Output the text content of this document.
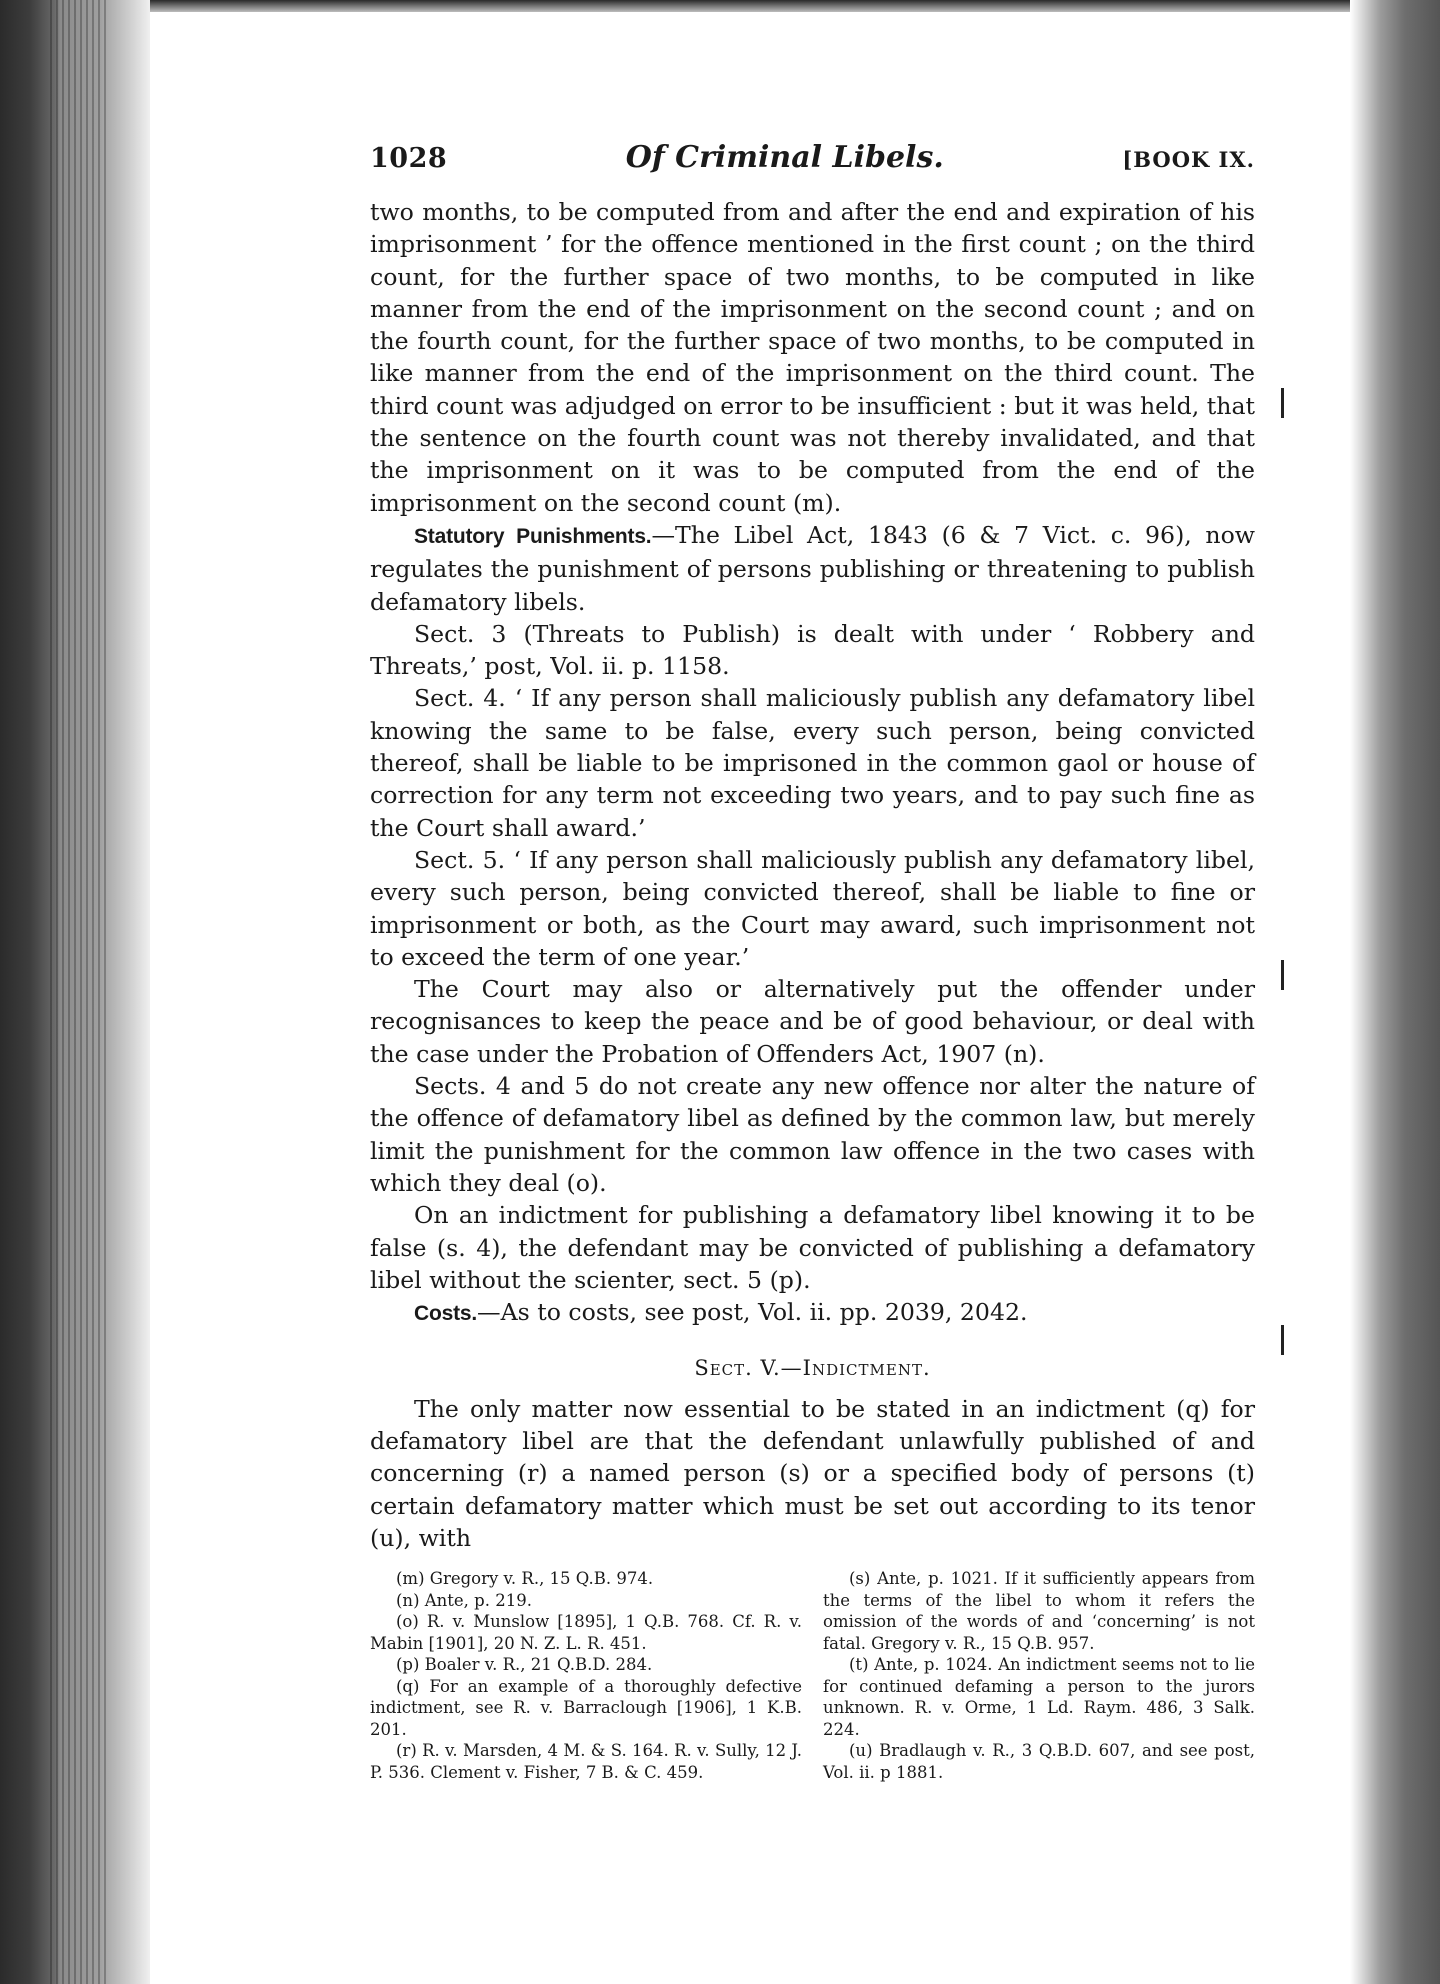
1028	Of Criminal Libels.	[BOOK IX.

two months, to be computed from and after the end and expiration of his imprisonment ’ for the offence mentioned in the first count ; on the third count, for the further space of two months, to be computed in like manner from the end of the imprisonment on the second count ; and on the fourth count, for the further space of two months, to be computed in like manner from the end of the imprisonment on the third count. The third count was adjudged on error to be insufficient : but it was held, that the sentence on the fourth count was not thereby invalidated, and that the imprisonment on it was to be computed from the end of the imprisonment on the second count (m).

Statutory Punishments.—The Libel Act, 1843 (6 & 7 Vict. c. 96), now regulates the punishment of persons publishing or threatening to publish defamatory libels.

Sect. 3 (Threats to Publish) is dealt with under ‘ Robbery and Threats,’ post, Vol. ii. p. 1158.

Sect. 4. ‘ If any person shall maliciously publish any defamatory libel knowing the same to be false, every such person, being convicted thereof, shall be liable to be imprisoned in the common gaol or house of correction for any term not exceeding two years, and to pay such fine as the Court shall award.’

Sect. 5. ‘ If any person shall maliciously publish any defamatory libel, every such person, being convicted thereof, shall be liable to fine or imprisonment or both, as the Court may award, such imprisonment not to exceed the term of one year.’

The Court may also or alternatively put the offender under recognisances to keep the peace and be of good behaviour, or deal with the case under the Probation of Offenders Act, 1907 (n).

Sects. 4 and 5 do not create any new offence nor alter the nature of the offence of defamatory libel as defined by the common law, but merely limit the punishment for the common law offence in the two cases with which they deal (o).

On an indictment for publishing a defamatory libel knowing it to be false (s. 4), the defendant may be convicted of publishing a defamatory libel without the scienter, sect. 5 (p).

Costs.—As to costs, see post, Vol. ii. pp. 2039, 2042.

Sect. V.—Indictment.

The only matter now essential to be stated in an indictment (q) for defamatory libel are that the defendant unlawfully published of and concerning (r) a named person (s) or a specified body of persons (t) certain defamatory matter which must be set out according to its tenor (u), with

(m) Gregory v. R., 15 Q.B. 974.

(n) Ante, p. 219.

(o) R. v. Munslow [1895], 1 Q.B. 768. Cf. R. v. Mabin [1901], 20 N. Z. L. R. 451.

(p) Boaler v. R., 21 Q.B.D. 284.

(q) For an example of a thoroughly defective indictment, see R. v. Barraclough [1906], 1 K.B. 201.

(r) R. v. Marsden, 4 M. & S. 164. R. v. Sully, 12 J. P. 536. Clement v. Fisher, 7 B. & C. 459.

(s) Ante, p. 1021. If it sufficiently appears from the terms of the libel to whom it refers the omission of the words of and ‘concerning’ is not fatal. Gregory v. R., 15 Q.B. 957.

(t) Ante, p. 1024. An indictment seems not to lie for continued defaming a person to the jurors unknown. R. v. Orme, 1 Ld. Raym. 486, 3 Salk. 224.

(u) Bradlaugh v. R., 3 Q.B.D. 607, and see post, Vol. ii. p 1881.
